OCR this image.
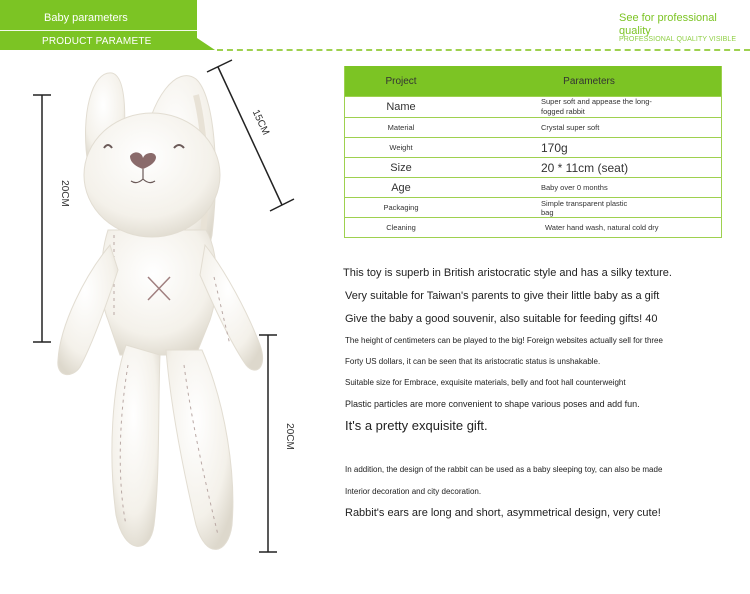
Baby parameters
PRODUCT PARAMETE
See for professional
quality
PROFESSIONAL QUALITY VISIBLE
15CM
20CM
20CM
Project	Parameters
Name	Super soft and appease the long-fogged rabbit

Material	Crystal super soft

Weight	170g

Size	20 * 11cm (seat)

Age	Baby over 0 months

Packaging	Simple transparent plastic bag

Cleaning	Water hand wash, natural cold dry
This toy is superb in British aristocratic style and has a silky texture.
Very suitable for Taiwan's parents to give their little baby as a gift
Give the baby a good souvenir, also suitable for feeding gifts! 40
The height of centimeters can be played to the big! Foreign websites actually sell for three
Forty US dollars, it can be seen that its aristocratic status is unshakable.
Suitable size for Embrace, exquisite materials, belly and foot hall counterweight
Plastic particles are more convenient to shape various poses and add fun.
It's a pretty exquisite gift.
In addition, the design of the rabbit can be used as a baby sleeping toy, can also be made
Interior decoration and city decoration.
Rabbit's ears are long and short, asymmetrical design, very cute!
